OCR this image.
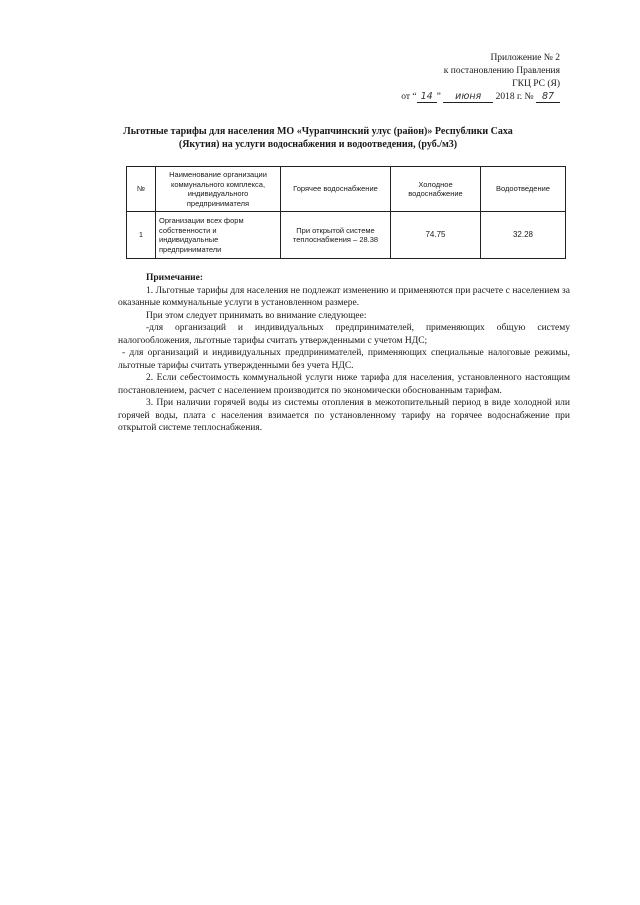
Приложение № 2
к постановлению Правления
ГКЦ РС (Я)
от “ 14 ” июня 2018 г. № 87
Льготные тарифы для населения МО «Чурапчинский улус (район)» Республики Саха (Якутия) на услуги водоснабжения и водоотведения, (руб./м3)
№	Наименование организации коммунального комплекса, индивидуального предпринимателя	Горячее водоснабжение	Холодное водоснабжение	Водоотведение
1	Организации всех форм собственности и индивидуальные предприниматели	При открытой системе теплоснабжения – 28.38	74.75	32.28

Примечание:

1. Льготные тарифы для населения не подлежат изменению и применяются при расчете с населением за оказанные коммунальные услуги в установленном размере.

При этом следует принимать во внимание следующее:

-для организаций и индивидуальных предпринимателей, применяющих общую систему налогообложения, льготные тарифы считать утвержденными с учетом НДС;

- для организаций и индивидуальных предпринимателей, применяющих специальные налоговые режимы, льготные тарифы считать утвержденными без учета НДС.

2. Если себестоимость коммунальной услуги ниже тарифа для населения, установленного настоящим постановлением, расчет с населением производится по экономически обоснованным тарифам.

3. При наличии горячей воды из системы отопления в межотопительный период в виде холодной или горячей воды, плата с населения взимается по установленному тарифу на горячее водоснабжение при открытой системе теплоснабжения.
